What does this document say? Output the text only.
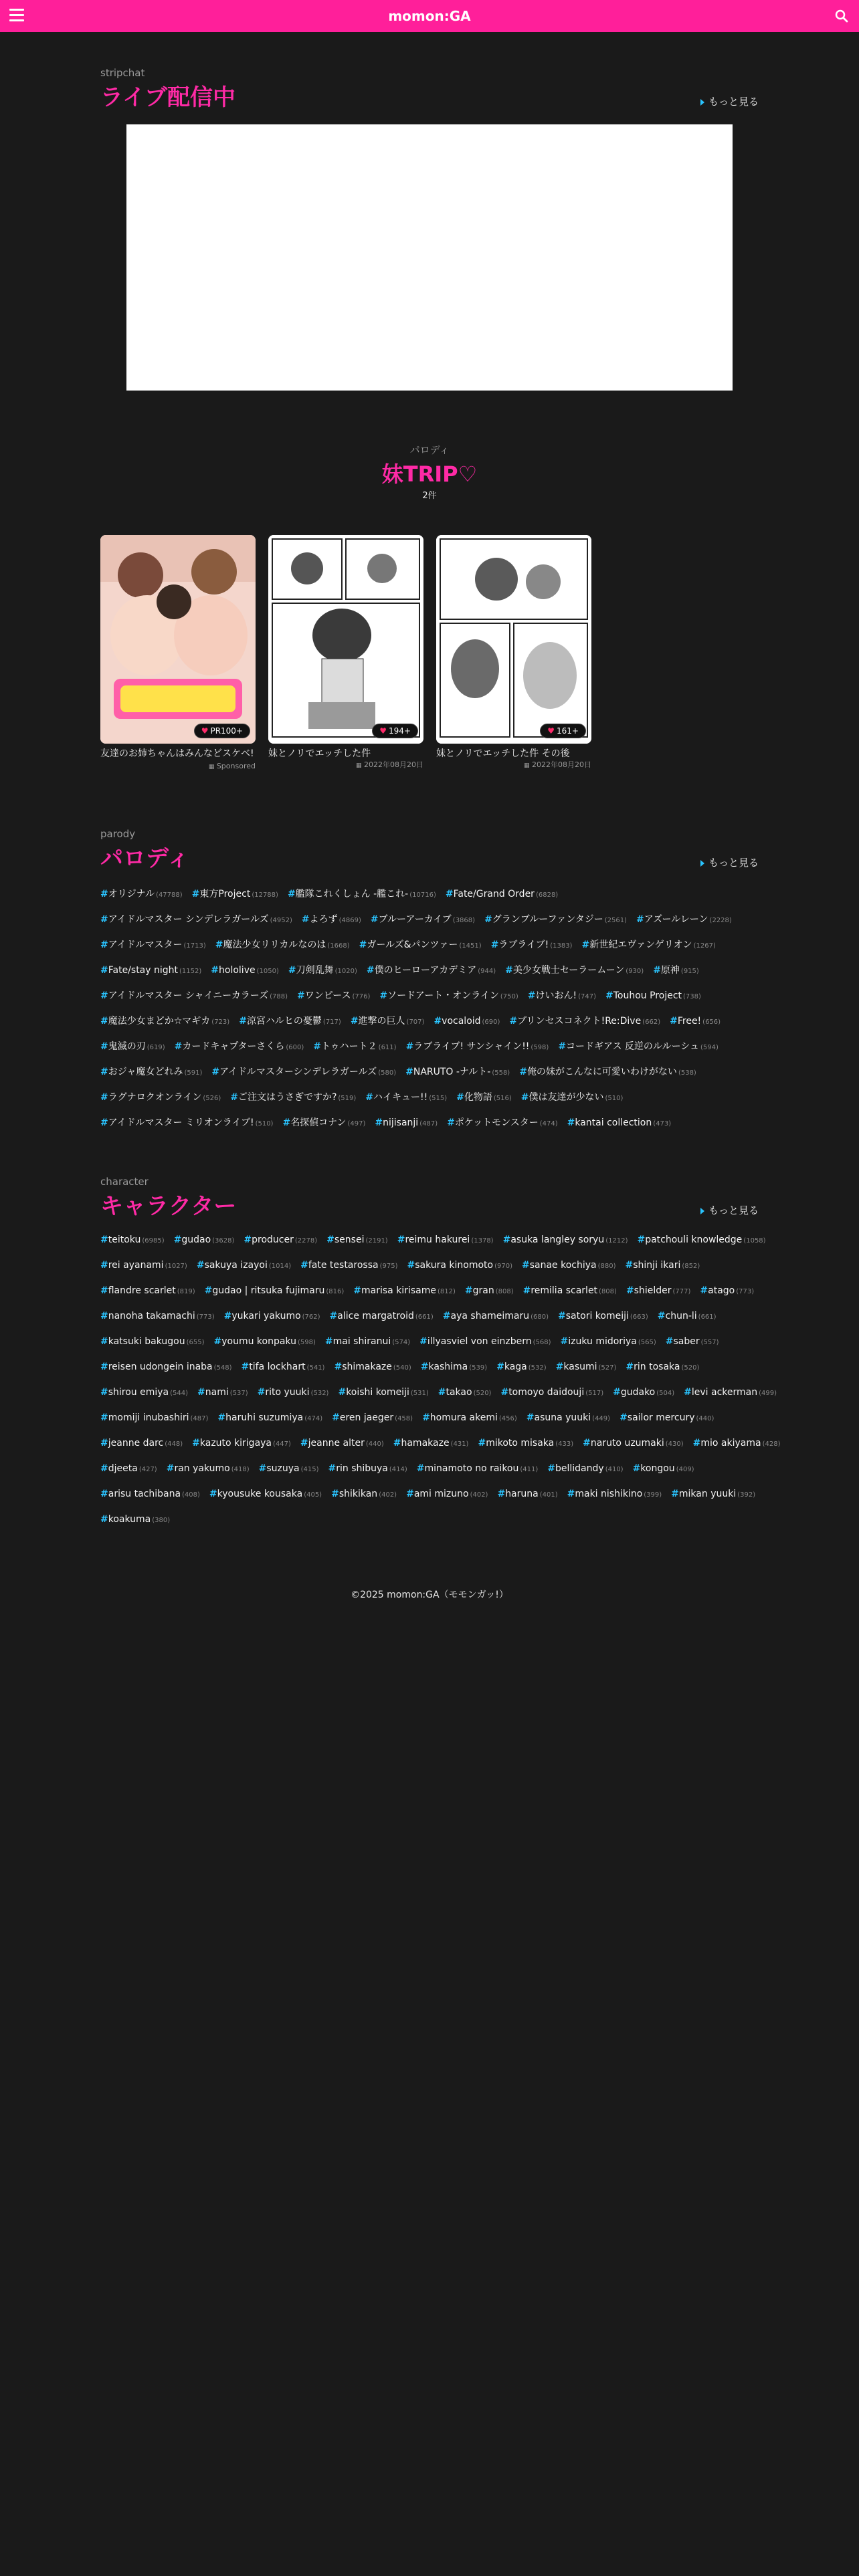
momon:GA
stripchat
ライブ配信中	もっと見る
パロディ
妹TRIP♡
2件
♥ PR100+
友達のお姉ちゃんはみんなどスケベ!
▦ Sponsored
♥ 194+
妹とノリでエッチした件
▦ 2022年08月20日
♥ 161+
妹とノリでエッチした件 その後
▦ 2022年08月20日
parody
パロディ	もっと見る
#オリジナル (47788) #東方Project (12788) #艦隊これくしょん -艦これ- (10716) #Fate/Grand Order (6828)
#アイドルマスター シンデレラガールズ (4952) #よろず (4869) #ブルーアーカイブ (3868) #グランブルーファンタジー (2561) #アズールレーン (2228)
#アイドルマスター (1713) #魔法少女リリカルなのは (1668) #ガールズ&パンツァー (1451) #ラブライブ! (1383) #新世紀エヴァンゲリオン (1267)
#Fate/stay night (1152) #hololive (1050) #刀剣乱舞 (1020) #僕のヒーローアカデミア (944) #美少女戦士セーラームーン (930) #原神 (915)
#アイドルマスター シャイニーカラーズ (788) #ワンピース (776) #ソードアート・オンライン (750) #けいおん! (747) #Touhou Project (738)
#魔法少女まどか☆マギカ (723) #涼宮ハルヒの憂鬱 (717) #進撃の巨人 (707) #vocaloid (690) #プリンセスコネクト!Re:Dive (662) #Free! (656)
#鬼滅の刃 (619) #カードキャプターさくら (600) #トゥハート２ (611) #ラブライブ! サンシャイン!! (598) #コードギアス 反逆のルルーシュ (594)
#おジャ魔女どれみ (591) #アイドルマスターシンデレラガールズ (580) #NARUTO -ナルト- (558) #俺の妹がこんなに可愛いわけがない (538)
#ラグナロクオンライン (526) #ご注文はうさぎですか? (519) #ハイキュー!! (515) #化物語 (516) #僕は友達が少ない (510)
#アイドルマスター ミリオンライブ! (510) #名探偵コナン (497) #nijisanji (487) #ポケットモンスター (474) #kantai collection (473)
character
キャラクター	もっと見る
#teitoku (6985) #gudao (3628) #producer (2278) #sensei (2191) #reimu hakurei (1378) #asuka langley soryu (1212) #patchouli knowledge (1058)
#rei ayanami (1027) #sakuya izayoi (1014) #fate testarossa (975) #sakura kinomoto (970) #sanae kochiya (880) #shinji ikari (852)
#flandre scarlet (819) #gudao | ritsuka fujimaru (816) #marisa kirisame (812) #gran (808) #remilia scarlet (808) #shielder (777) #atago (773)
#nanoha takamachi (773) #yukari yakumo (762) #alice margatroid (661) #aya shameimaru (680) #satori komeiji (663) #chun-li (661)
#katsuki bakugou (655) #youmu konpaku (598) #mai shiranui (574) #illyasviel von einzbern (568) #izuku midoriya (565) #saber (557)
#reisen udongein inaba (548) #tifa lockhart (541) #shimakaze (540) #kashima (539) #kaga (532) #kasumi (527) #rin tosaka (520)
#shirou emiya (544) #nami (537) #rito yuuki (532) #koishi komeiji (531) #takao (520) #tomoyo daidouji (517) #gudako (504) #levi ackerman (499)
#momiji inubashiri (487) #haruhi suzumiya (474) #eren jaeger (458) #homura akemi (456) #asuna yuuki (449) #sailor mercury (440)
#jeanne darc (448) #kazuto kirigaya (447) #jeanne alter (440) #hamakaze (431) #mikoto misaka (433) #naruto uzumaki (430) #mio akiyama (428)
#djeeta (427) #ran yakumo (418) #suzuya (415) #rin shibuya (414) #minamoto no raikou (411) #bellidandy (410) #kongou (409)
#arisu tachibana (408) #kyousuke kousaka (405) #shikikan (402) #ami mizuno (402) #haruna (401) #maki nishikino (399) #mikan yuuki (392)
#koakuma (380)
©2025 momon:GA（モモンガッ!）
